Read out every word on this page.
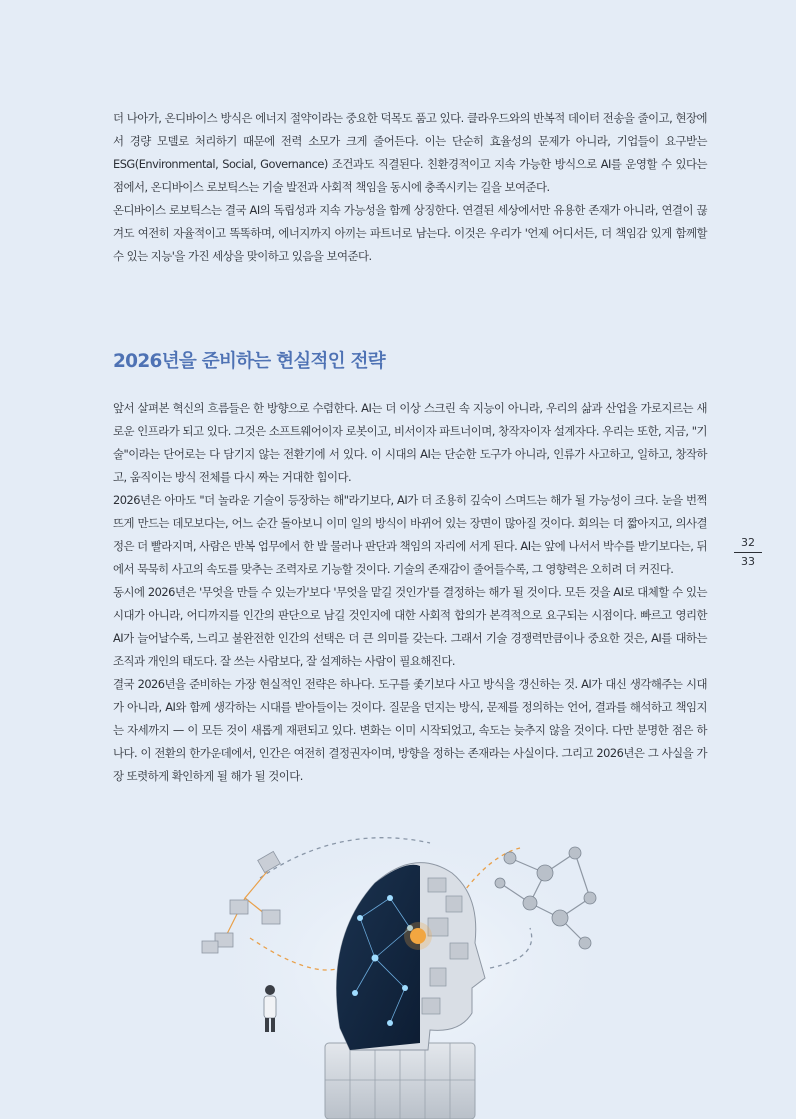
더 나아가, 온디바이스 방식은 에너지 절약이라는 중요한 덕목도 품고 있다. 클라우드와의 반복적 데이터 전송을 줄이고, 현장에서 경량 모델로 처리하기 때문에 전력 소모가 크게 줄어든다. 이는 단순히 효율성의 문제가 아니라, 기업들이 요구받는 ESG(Environmental, Social, Governance) 조건과도 직결된다. 친환경적이고 지속 가능한 방식으로 AI를 운영할 수 있다는 점에서, 온디바이스 로보틱스는 기술 발전과 사회적 책임을 동시에 충족시키는 길을 보여준다.

온디바이스 로보틱스는 결국 AI의 독립성과 지속 가능성을 함께 상징한다. 연결된 세상에서만 유용한 존재가 아니라, 연결이 끊겨도 여전히 자율적이고 똑똑하며, 에너지까지 아끼는 파트너로 남는다. 이것은 우리가 '언제 어디서든, 더 책임감 있게 함께할 수 있는 지능'을 가진 세상을 맞이하고 있음을 보여준다.

2026년을 준비하는 현실적인 전략

앞서 살펴본 혁신의 흐름들은 한 방향으로 수렴한다. AI는 더 이상 스크린 속 지능이 아니라, 우리의 삶과 산업을 가로지르는 새로운 인프라가 되고 있다. 그것은 소프트웨어이자 로봇이고, 비서이자 파트너이며, 창작자이자 설계자다. 우리는 또한, 지금, "기술"이라는 단어로는 다 담기지 않는 전환기에 서 있다. 이 시대의 AI는 단순한 도구가 아니라, 인류가 사고하고, 일하고, 창작하고, 움직이는 방식 전체를 다시 짜는 거대한 힘이다.

2026년은 아마도 "더 놀라운 기술이 등장하는 해"라기보다, AI가 더 조용히 깊숙이 스며드는 해가 될 가능성이 크다. 눈을 번쩍 뜨게 만드는 데모보다는, 어느 순간 돌아보니 이미 일의 방식이 바뀌어 있는 장면이 많아질 것이다. 회의는 더 짧아지고, 의사결정은 더 빨라지며, 사람은 반복 업무에서 한 발 물러나 판단과 책임의 자리에 서게 된다. AI는 앞에 나서서 박수를 받기보다는, 뒤에서 묵묵히 사고의 속도를 맞추는 조력자로 기능할 것이다. 기술의 존재감이 줄어들수록, 그 영향력은 오히려 더 커진다.

동시에 2026년은 '무엇을 만들 수 있는가'보다 '무엇을 맡길 것인가'를 결정하는 해가 될 것이다. 모든 것을 AI로 대체할 수 있는 시대가 아니라, 어디까지를 인간의 판단으로 남길 것인지에 대한 사회적 합의가 본격적으로 요구되는 시점이다. 빠르고 영리한 AI가 늘어날수록, 느리고 불완전한 인간의 선택은 더 큰 의미를 갖는다. 그래서 기술 경쟁력만큼이나 중요한 것은, AI를 대하는 조직과 개인의 태도다. 잘 쓰는 사람보다, 잘 설계하는 사람이 필요해진다.

결국 2026년을 준비하는 가장 현실적인 전략은 하나다. 도구를 좇기보다 사고 방식을 갱신하는 것. AI가 대신 생각해주는 시대가 아니라, AI와 함께 생각하는 시대를 받아들이는 것이다. 질문을 던지는 방식, 문제를 정의하는 언어, 결과를 해석하고 책임지는 자세까지 — 이 모든 것이 새롭게 재편되고 있다. 변화는 이미 시작되었고, 속도는 늦추지 않을 것이다. 다만 분명한 점은 하나다. 이 전환의 한가운데에서, 인간은 여전히 결정권자이며, 방향을 정하는 존재라는 사실이다. 그리고 2026년은 그 사실을 가장 또렷하게 확인하게 될 해가 될 것이다.

32
33
